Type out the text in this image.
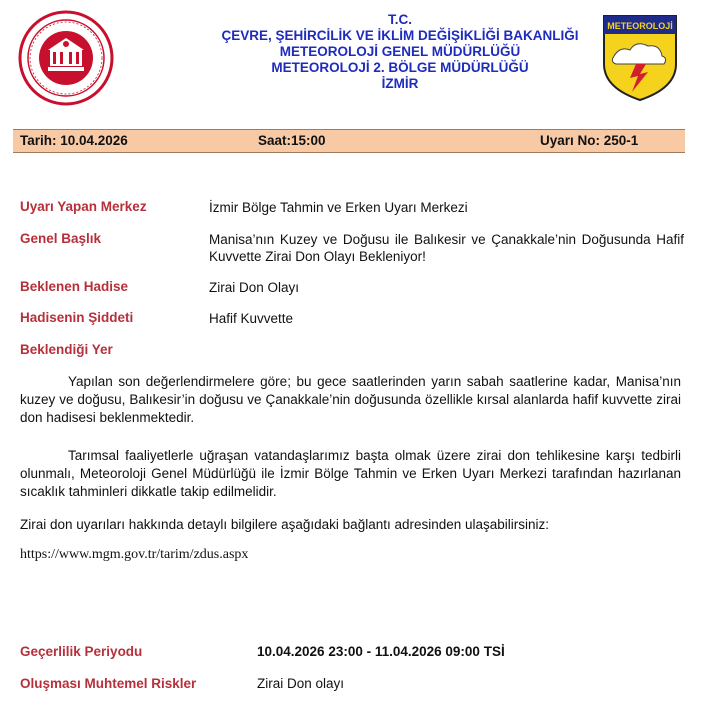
T.C.
ÇEVRE, ŞEHİRCİLİK VE İKLİM DEĞİŞİKLİĞİ BAKANLIĞI
METEOROLOJİ GENEL MÜDÜRLÜĞÜ
METEOROLOJİ 2. BÖLGE MÜDÜRLÜĞÜ
İZMİR
METEOROLOJİ
Tarih: 10.04.2026	Saat:15:00	Uyarı No: 250-1
Uyarı Yapan Merkez	İzmir Bölge Tahmin ve Erken Uyarı Merkezi
Genel Başlık	Manisa’nın Kuzey ve Doğusu ile Balıkesir ve Çanakkale’nin Doğusunda Hafif Kuvvette Zirai Don Olayı Bekleniyor!
Beklenen Hadise	Zirai Don Olayı
Hadisenin Şiddeti	Hafif Kuvvette
Beklendiği Yer
Yapılan son değerlendirmelere göre; bu gece saatlerinden yarın sabah saatlerine kadar, Manisa’nın kuzey ve doğusu, Balıkesir’in doğusu ve Çanakkale’nin doğusunda özellikle kırsal alanlarda hafif kuvvette zirai don hadisesi beklenmektedir.
Tarımsal faaliyetlerle uğraşan vatandaşlarımız başta olmak üzere zirai don tehlikesine karşı tedbirli olunmalı, Meteoroloji Genel Müdürlüğü ile İzmir Bölge Tahmin ve Erken Uyarı Merkezi tarafından hazırlanan sıcaklık tahminleri dikkatle takip edilmelidir.
Zirai don uyarıları hakkında detaylı bilgilere aşağıdaki bağlantı adresinden ulaşabilirsiniz:
https://www.mgm.gov.tr/tarim/zdus.aspx
Geçerlilik Periyodu	10.04.2026 23:00 - 11.04.2026 09:00 TSİ
Oluşması Muhtemel Riskler	Zirai Don olayı
